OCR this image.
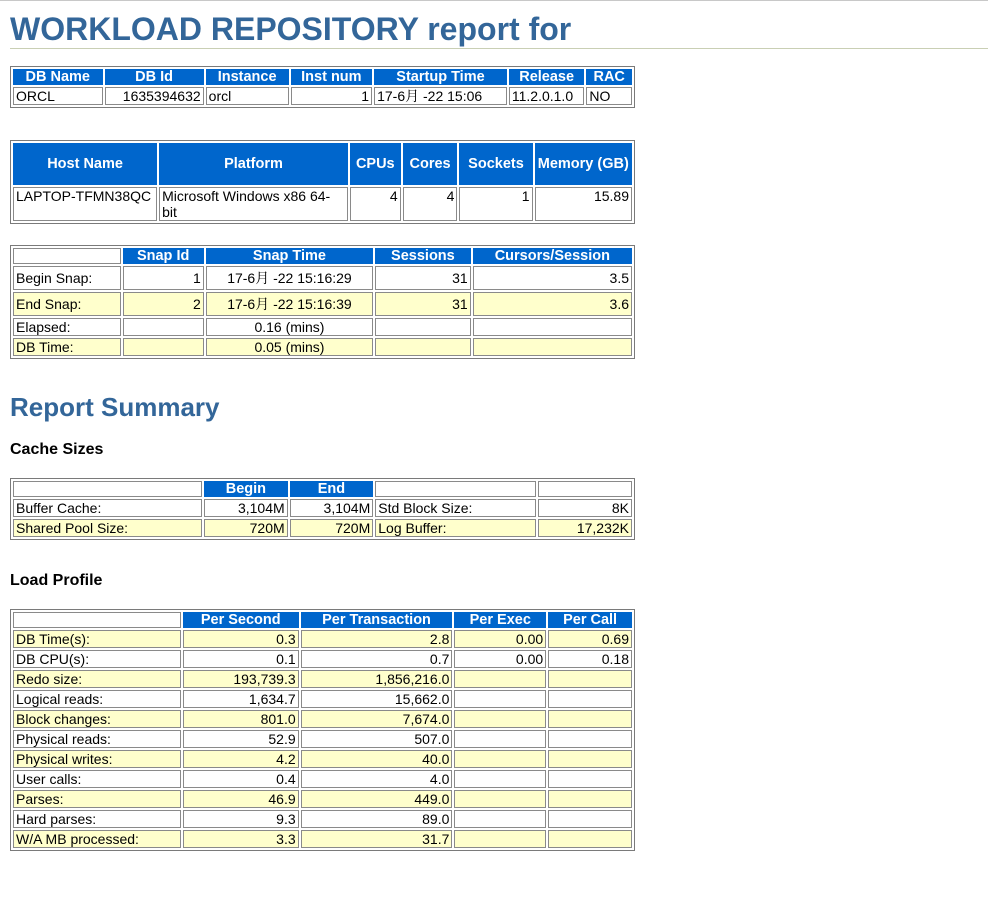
WORKLOAD REPOSITORY report for
DB Name	DB Id	Instance	Inst num	Startup Time	Release	RAC
ORCL	1635394632	orcl	1	17-6月 -22 15:06	11.2.0.1.0	NO
Host Name	Platform	CPUs	Cores	Sockets	Memory (GB)
LAPTOP-TFMN38QC	Microsoft Windows x86 64-bit	4	4	1	15.89
	Snap Id	Snap Time	Sessions	Cursors/Session
Begin Snap:	1	17-6月 -22 15:16:29	31	3.5
End Snap:	2	17-6月 -22 15:16:39	31	3.6
Elapsed:		0.16 (mins)		
DB Time:		0.05 (mins)		
Report Summary
Cache Sizes
	Begin	End		
Buffer Cache:	3,104M	3,104M	Std Block Size:	8K
Shared Pool Size:	720M	720M	Log Buffer:	17,232K
Load Profile
	Per Second	Per Transaction	Per Exec	Per Call
DB Time(s):	0.3	2.8	0.00	0.69
DB CPU(s):	0.1	0.7	0.00	0.18
Redo size:	193,739.3	1,856,216.0		
Logical reads:	1,634.7	15,662.0		
Block changes:	801.0	7,674.0		
Physical reads:	52.9	507.0		
Physical writes:	4.2	40.0		
User calls:	0.4	4.0		
Parses:	46.9	449.0		
Hard parses:	9.3	89.0		
W/A MB processed:	3.3	31.7		
